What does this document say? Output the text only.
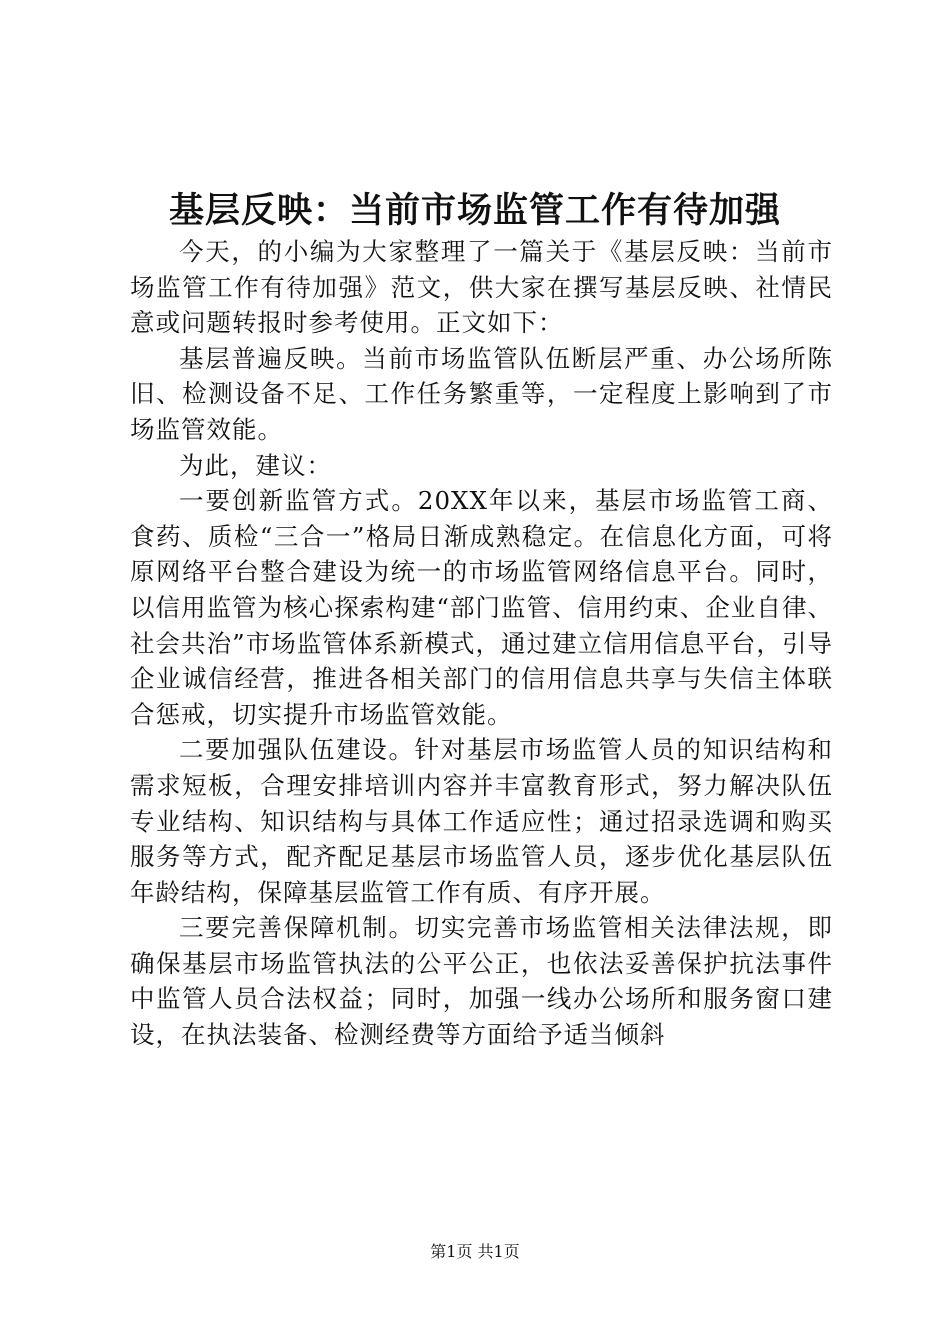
基层反映：当前市场监管工作有待加强

今天，的小编为大家整理了一篇关于《基层反映：当前市场监管工作有待加强》范文，供大家在撰写基层反映、社情民意或问题转报时参考使用。正文如下：

基层普遍反映。当前市场监管队伍断层严重、办公场所陈旧、检测设备不足、工作任务繁重等，一定程度上影响到了市场监管效能。

为此，建议：

一要创新监管方式。20XX年以来，基层市场监管工商、食药、质检“三合一”格局日渐成熟稳定。在信息化方面，可将原网络平台整合建设为统一的市场监管网络信息平台。同时，以信用监管为核心探索构建“部门监管、信用约束、企业自律、社会共治”市场监管体系新模式，通过建立信用信息平台，引导企业诚信经营，推进各相关部门的信用信息共享与失信主体联合惩戒，切实提升市场监管效能。

二要加强队伍建设。针对基层市场监管人员的知识结构和需求短板，合理安排培训内容并丰富教育形式，努力解决队伍专业结构、知识结构与具体工作适应性；通过招录选调和购买服务等方式，配齐配足基层市场监管人员，逐步优化基层队伍年龄结构，保障基层监管工作有质、有序开展。

三要完善保障机制。切实完善市场监管相关法律法规，即确保基层市场监管执法的公平公正，也依法妥善保护抗法事件中监管人员合法权益；同时，加强一线办公场所和服务窗口建设，在执法装备、检测经费等方面给予适当倾斜

第1页 共1页
